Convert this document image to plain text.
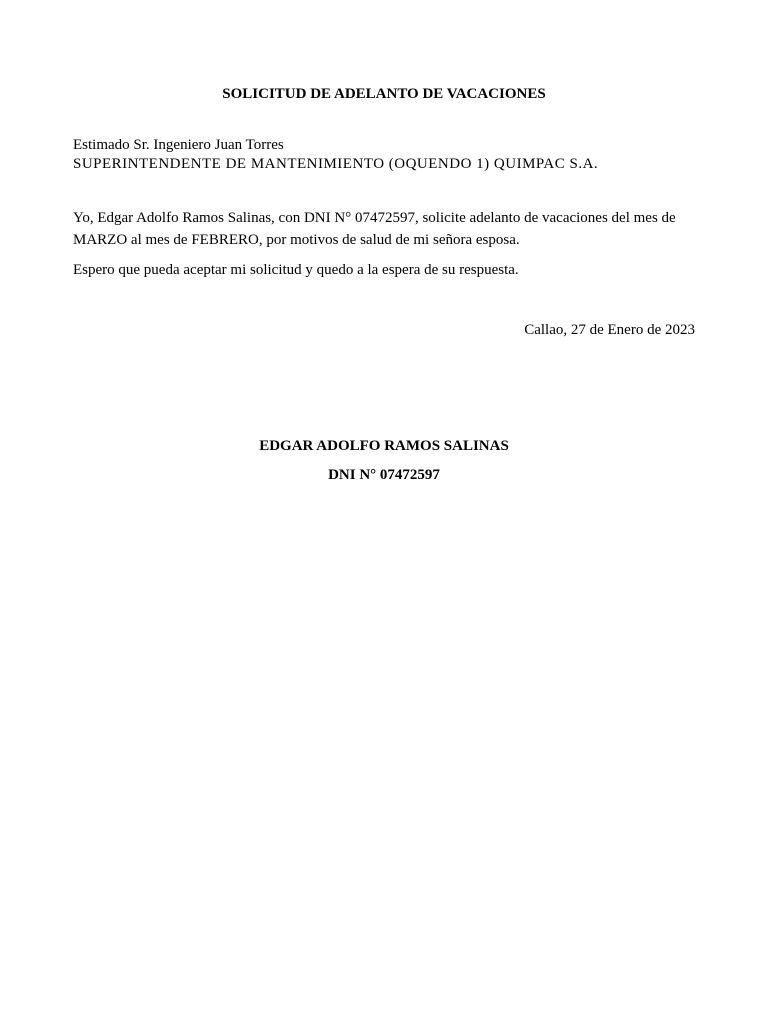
SOLICITUD DE ADELANTO DE VACACIONES
Estimado Sr. Ingeniero Juan Torres
SUPERINTENDENTE DE MANTENIMIENTO (OQUENDO 1) QUIMPAC S.A.

Yo, Edgar Adolfo Ramos Salinas, con DNI N° 07472597, solicite adelanto de vacaciones del mes de MARZO al mes de FEBRERO, por motivos de salud de mi señora esposa.

Espero que pueda aceptar mi solicitud y quedo a la espera de su respuesta.

Callao, 27 de Enero de 2023
EDGAR ADOLFO RAMOS SALINAS
DNI N° 07472597
